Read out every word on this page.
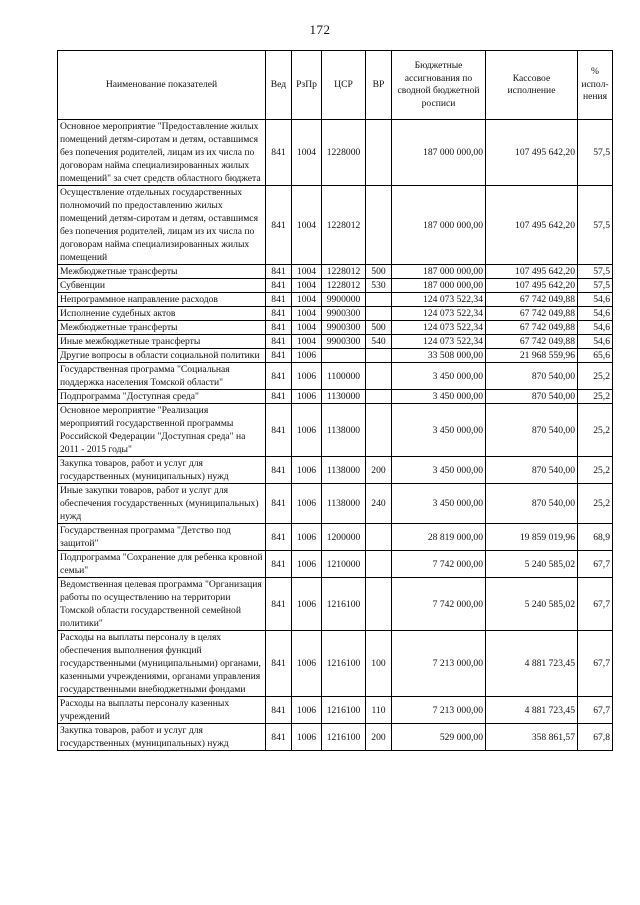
172
Наименование показателей	Вед	РзПр	ЦСР	ВР	Бюджетные ассигнования по сводной бюджетной росписи	Кассовое исполнение	% испол-нения
Основное мероприятие "Предоставление жилых помещений детям-сиротам и детям, оставшимся без попечения родителей, лицам из их числа по договорам найма специализированных жилых помещений" за счет средств областного бюджета	841	1004	1228000		187 000 000,00	107 495 642,20	57,5
Осуществление отдельных государственных полномочий по предоставлению жилых помещений детям-сиротам и детям, оставшимся без попечения родителей, лицам из их числа по договорам найма специализированных жилых помещений	841	1004	1228012		187 000 000,00	107 495 642,20	57,5
Межбюджетные трансферты	841	1004	1228012	500	187 000 000,00	107 495 642,20	57,5
Субвенции	841	1004	1228012	530	187 000 000,00	107 495 642,20	57,5
Непрограммное направление расходов	841	1004	9900000		124 073 522,34	67 742 049,88	54,6
Исполнение судебных актов	841	1004	9900300		124 073 522,34	67 742 049,88	54,6
Межбюджетные трансферты	841	1004	9900300	500	124 073 522,34	67 742 049,88	54,6
Иные межбюджетные трансферты	841	1004	9900300	540	124 073 522,34	67 742 049,88	54,6
Другие вопросы в области социальной политики	841	1006			33 508 000,00	21 968 559,96	65,6
Государственная программа "Социальная поддержка населения Томской области"	841	1006	1100000		3 450 000,00	870 540,00	25,2
Подпрограмма "Доступная среда"	841	1006	1130000		3 450 000,00	870 540,00	25,2
Основное мероприятие "Реализация мероприятий государственной программы Российской Федерации "Доступная среда" на 2011 - 2015 годы"	841	1006	1138000		3 450 000,00	870 540,00	25,2
Закупка товаров, работ и услуг для государственных (муниципальных) нужд	841	1006	1138000	200	3 450 000,00	870 540,00	25,2
Иные закупки товаров, работ и услуг для обеспечения государственных (муниципальных) нужд	841	1006	1138000	240	3 450 000,00	870 540,00	25,2
Государственная программа "Детство под защитой"	841	1006	1200000		28 819 000,00	19 859 019,96	68,9
Подпрограмма "Сохранение для ребенка кровной семьи"	841	1006	1210000		7 742 000,00	5 240 585,02	67,7
Ведомственная целевая программа "Организация работы по осуществлению на территории Томской области государственной семейной политики"	841	1006	1216100		7 742 000,00	5 240 585,02	67,7
Расходы на выплаты персоналу в целях обеспечения выполнения функций государственными (муниципальными) органами, казенными учреждениями, органами управления государственными внебюджетными фондами	841	1006	1216100	100	7 213 000,00	4 881 723,45	67,7
Расходы на выплаты персоналу казенных учреждений	841	1006	1216100	110	7 213 000,00	4 881 723,45	67,7
Закупка товаров, работ и услуг для государственных (муниципальных) нужд	841	1006	1216100	200	529 000,00	358 861,57	67,8
